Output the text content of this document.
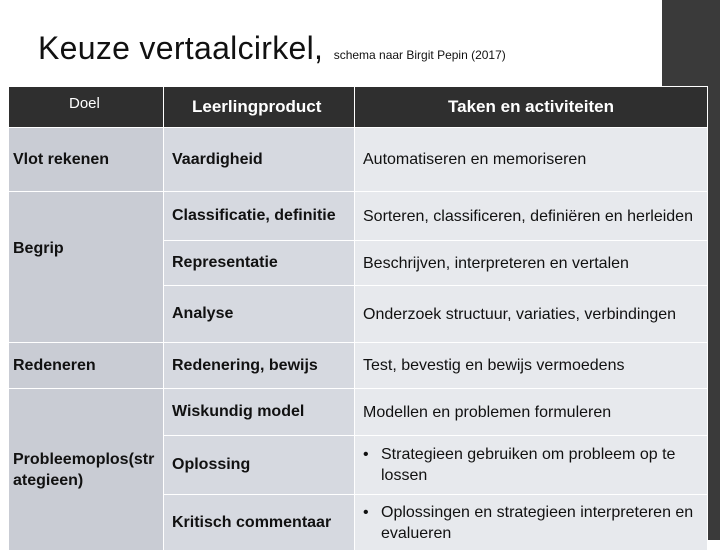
Keuze vertaalcirkel, schema naar Birgit Pepin (2017)
Doel	Leerlingproduct	Taken en activiteiten
Vlot rekenen	Vaardigheid	Automatiseren en memoriseren
Begrip	Classificatie, definitie	Sorteren, classificeren, definiëren en herleiden
	Representatie	Beschrijven, interpreteren en vertalen
	Analyse	Onderzoek structuur, variaties, verbindingen
Redeneren	Redenering, bewijs	Test, bevestig en bewijs vermoedens

Probleemoplos(strategieen)	Wiskundig model	Modellen en problemen formuleren
	Oplossing	• Strategieen gebruiken om probleem op te lossen

	Kritisch commentaar	• Oplossingen en strategieen interpreteren en evalueren
